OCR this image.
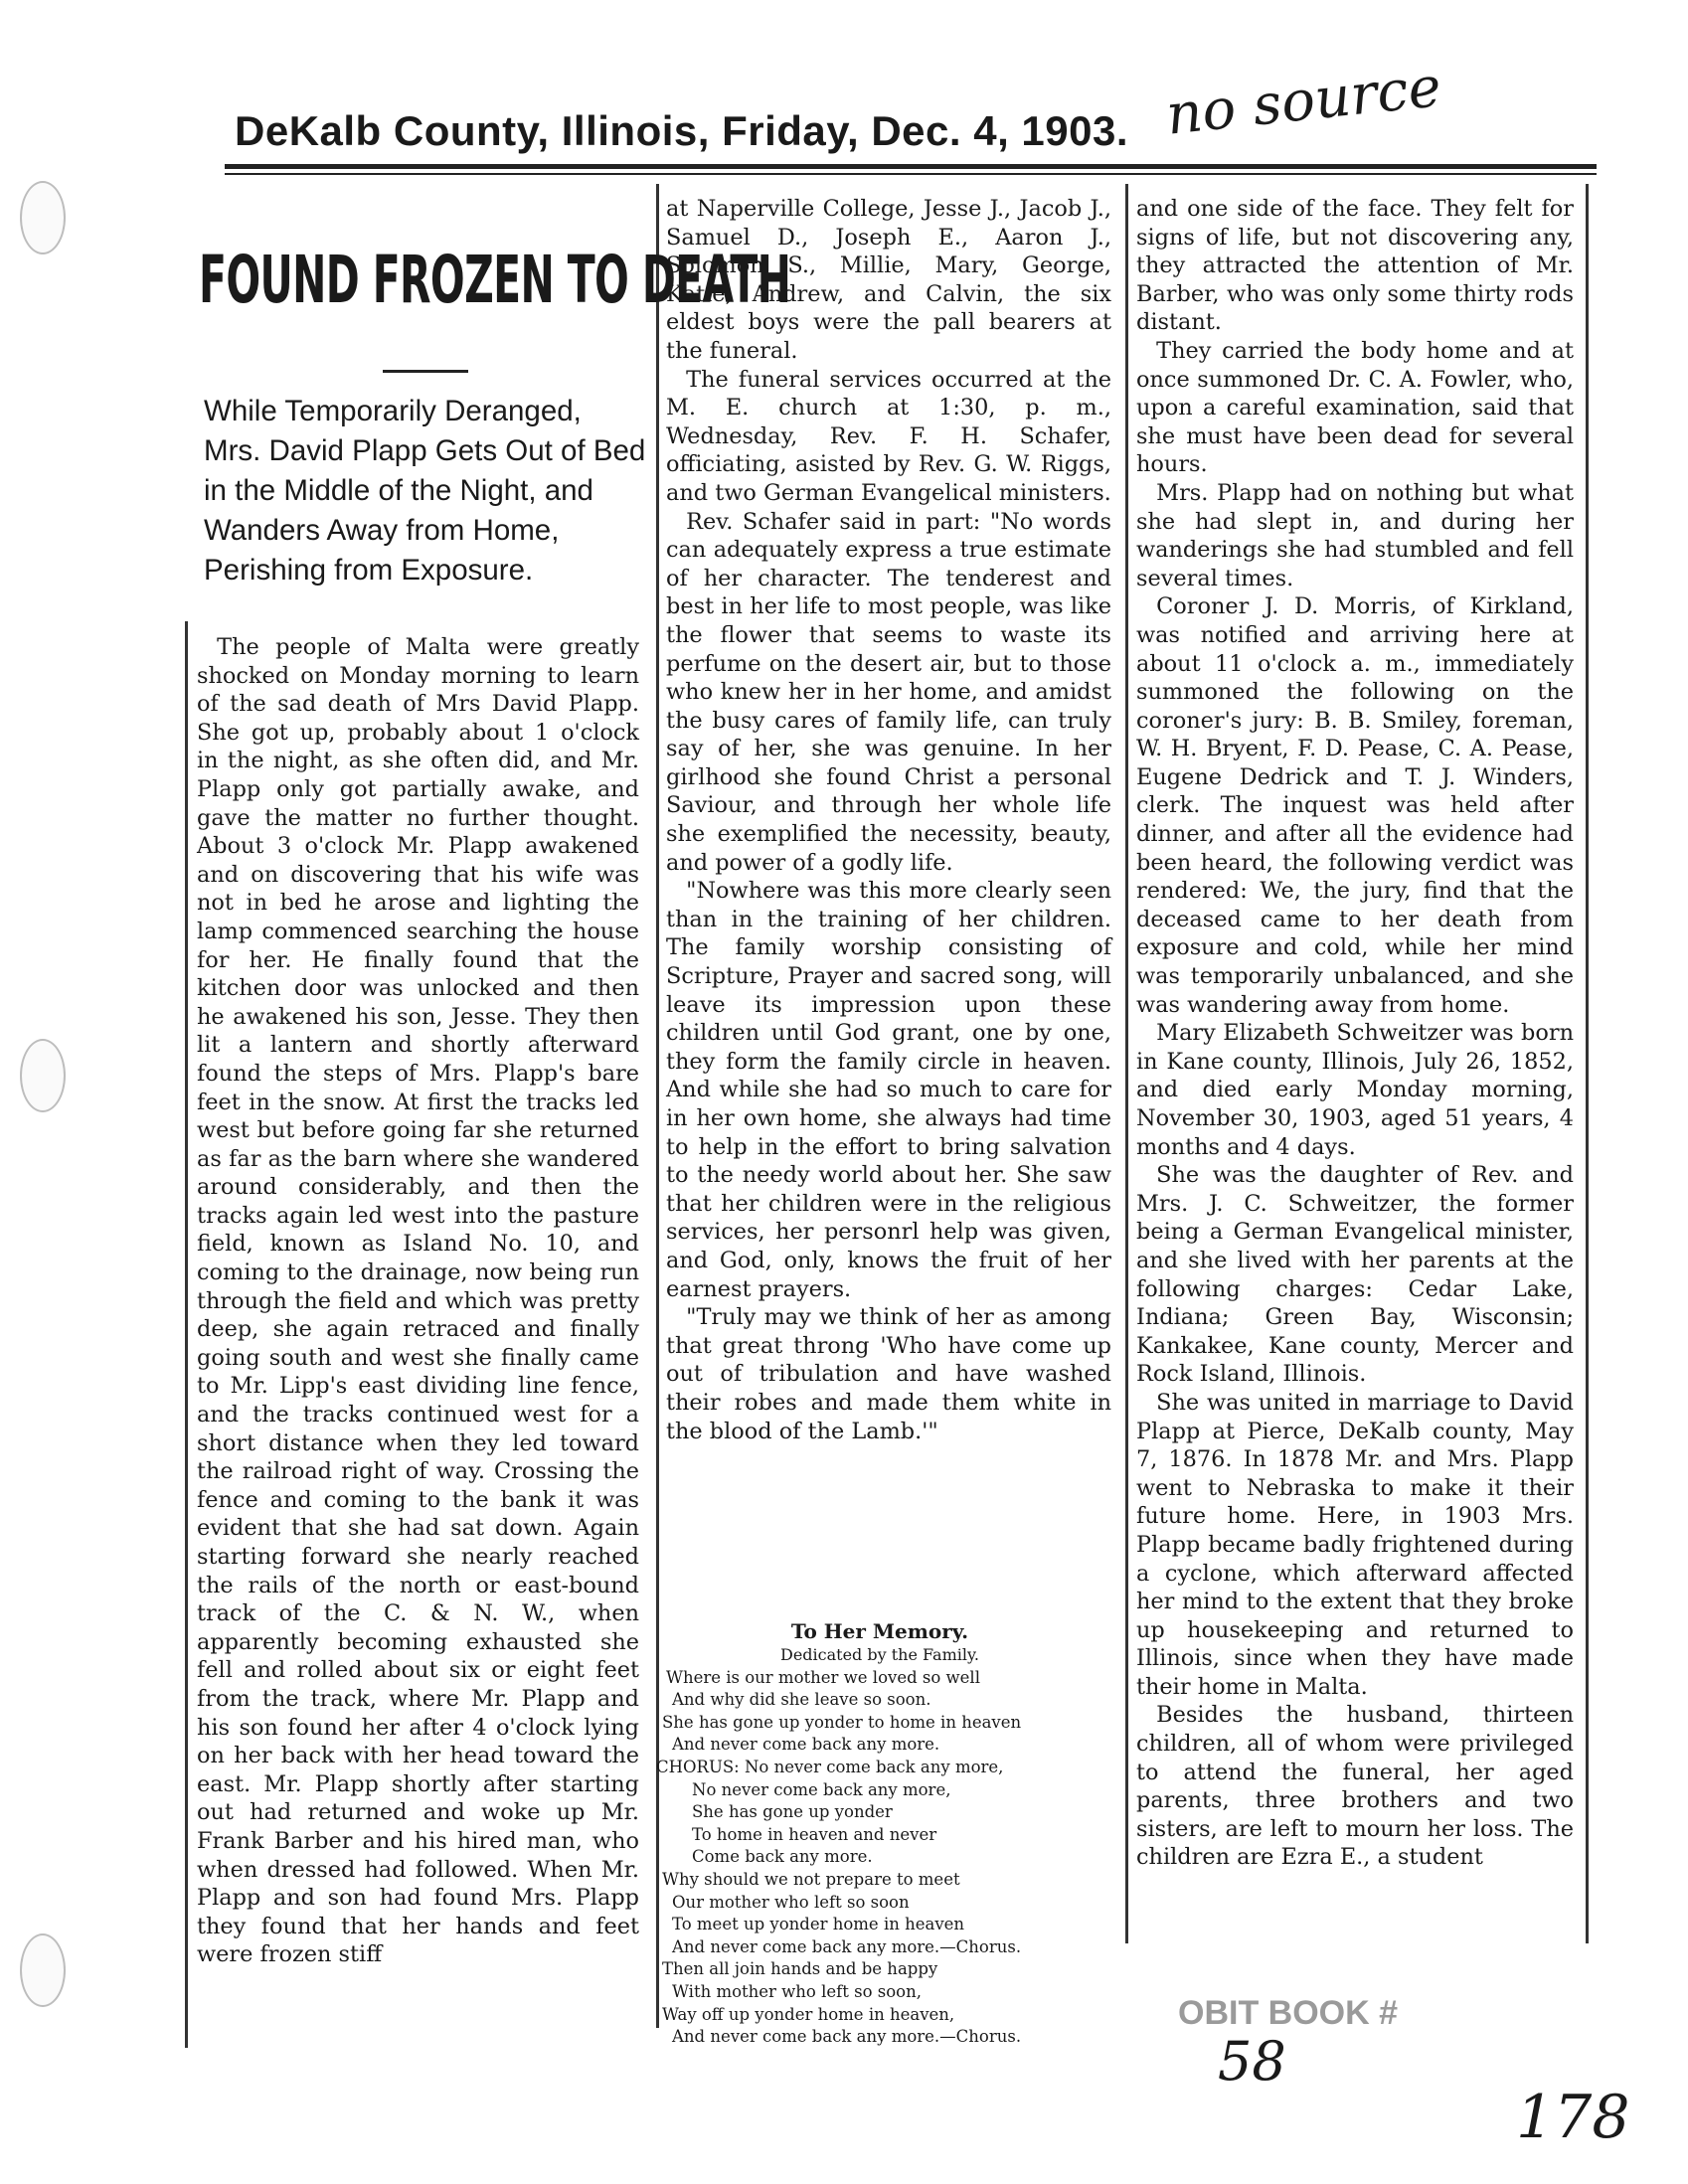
DeKalb County, Illinois, Friday, Dec. 4, 1903. no source
FOUND FROZEN TO DEATH
While Temporarily Deranged, Mrs. David Plapp Gets Out of Bed in the Middle of the Night, and Wanders Away from Home, Perishing from Exposure.

The people of Malta were greatly shocked on Monday morning to learn of the sad death of Mrs David Plapp. She got up, probably about 1 o'clock in the night, as she often did, and Mr. Plapp only got partially awake, and gave the matter no further thought. About 3 o'clock Mr. Plapp awakened and on discovering that his wife was not in bed he arose and lighting the lamp commenced searching the house for her. He finally found that the kitchen door was unlocked and then he awakened his son, Jesse. They then lit a lantern and shortly afterward found the steps of Mrs. Plapp's bare feet in the snow. At first the tracks led west but before going far she returned as far as the barn where she wandered around considerably, and then the tracks again led west into the pasture field, known as Island No. 10, and coming to the drainage, now being run through the field and which was pretty deep, she again retraced and finally going south and west she finally came to Mr. Lipp's east dividing line fence, and the tracks continued west for a short distance when they led toward the railroad right of way. Crossing the fence and coming to the bank it was evident that she had sat down. Again starting forward she nearly reached the rails of the north or east-bound track of the C. & N. W., when apparently becoming exhausted she fell and rolled about six or eight feet from the track, where Mr. Plapp and his son found her after 4 o'clock lying on her back with her head toward the east. Mr. Plapp shortly after starting out had returned and woke up Mr. Frank Barber and his hired man, who when dressed had followed. When Mr. Plapp and son had found Mrs. Plapp they found that her hands and feet were frozen stiff

at Naperville College, Jesse J., Jacob J., Samuel D., Joseph E., Aaron J., Solomon S., Millie, Mary, George, Katie, Andrew, and Calvin, the six eldest boys were the pall bearers at the funeral.

The funeral services occurred at the M. E. church at 1:30, p. m., Wednesday, Rev. F. H. Schafer, officiating, asisted by Rev. G. W. Riggs, and two German Evangelical ministers.

Rev. Schafer said in part: "No words can adequately express a true estimate of her character. The tenderest and best in her life to most people, was like the flower that seems to waste its perfume on the desert air, but to those who knew her in her home, and amidst the busy cares of family life, can truly say of her, she was genuine. In her girlhood she found Christ a personal Saviour, and through her whole life she exemplified the necessity, beauty, and power of a godly life.

"Nowhere was this more clearly seen than in the training of her children. The family worship consisting of Scripture, Prayer and sacred song, will leave its impression upon these children until God grant, one by one, they form the family circle in heaven. And while she had so much to care for in her own home, she always had time to help in the effort to bring salvation to the needy world about her. She saw that her children were in the religious services, her personrl help was given, and God, only, knows the fruit of her earnest prayers.

"Truly may we think of her as among that great throng 'Who have come up out of tribulation and have washed their robes and made them white in the blood of the Lamb.'"

To Her Memory.
Dedicated by the Family.
Where is our mother we loved so well
And why did she leave so soon.
She has gone up yonder to home in heaven
And never come back any more.
CHORUS: No never come back any more,
No never come back any more,
She has gone up yonder
To home in heaven and never
Come back any more.
Why should we not prepare to meet
Our mother who left so soon
To meet up yonder home in heaven
And never come back any more.—Chorus.
Then all join hands and be happy
With mother who left so soon,
Way off up yonder home in heaven,
And never come back any more.—Chorus.

and one side of the face. They felt for signs of life, but not discovering any, they attracted the attention of Mr. Barber, who was only some thirty rods distant.

They carried the body home and at once summoned Dr. C. A. Fowler, who, upon a careful examination, said that she must have been dead for several hours.

Mrs. Plapp had on nothing but what she had slept in, and during her wanderings she had stumbled and fell several times.

Coroner J. D. Morris, of Kirkland, was notified and arriving here at about 11 o'clock a. m., immediately summoned the following on the coroner's jury: B. B. Smiley, foreman, W. H. Bryent, F. D. Pease, C. A. Pease, Eugene Dedrick and T. J. Winders, clerk. The inquest was held after dinner, and after all the evidence had been heard, the following verdict was rendered: We, the jury, find that the deceased came to her death from exposure and cold, while her mind was temporarily unbalanced, and she was wandering away from home.

Mary Elizabeth Schweitzer was born in Kane county, Illinois, July 26, 1852, and died early Monday morning, November 30, 1903, aged 51 years, 4 months and 4 days.

She was the daughter of Rev. and Mrs. J. C. Schweitzer, the former being a German Evangelical minister, and she lived with her parents at the following charges: Cedar Lake, Indiana; Green Bay, Wisconsin; Kankakee, Kane county, Mercer and Rock Island, Illinois.

She was united in marriage to David Plapp at Pierce, DeKalb county, May 7, 1876. In 1878 Mr. and Mrs. Plapp went to Nebraska to make it their future home. Here, in 1903 Mrs. Plapp became badly frightened during a cyclone, which afterward affected her mind to the extent that they broke up housekeeping and returned to Illinois, since when they have made their home in Malta.

Besides the husband, thirteen children, all of whom were privileged to attend the funeral, her aged parents, three brothers and two sisters, are left to mourn her loss. The children are Ezra E., a student

OBIT BOOK #
58
178
